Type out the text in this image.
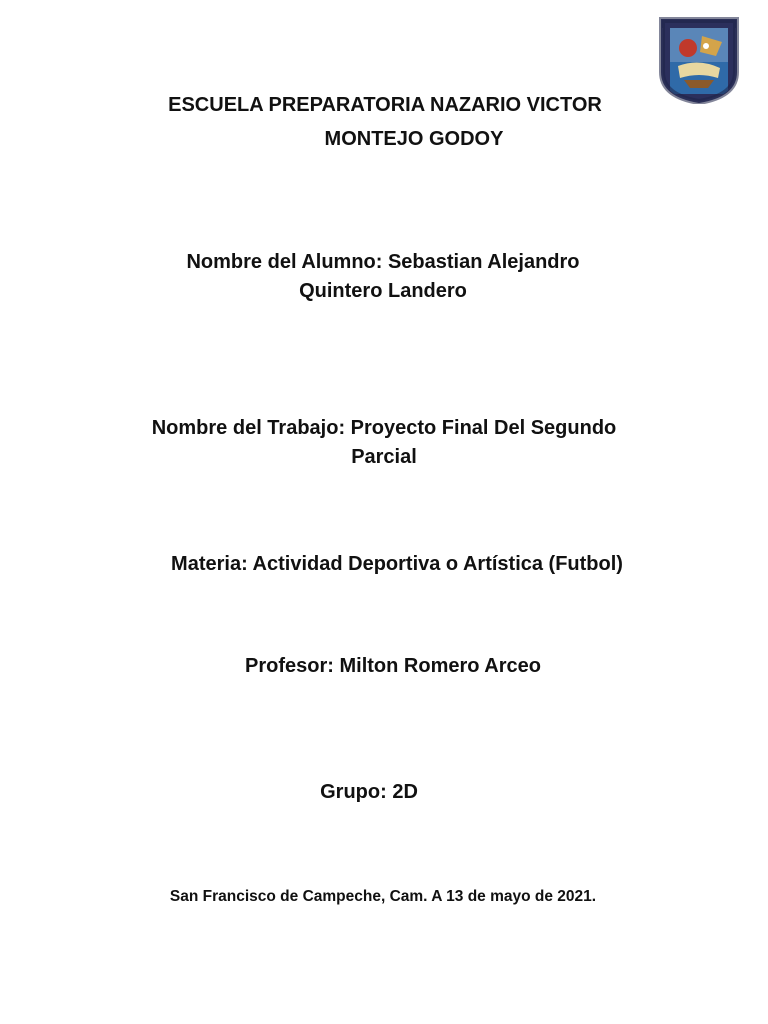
ESCUELA PREPARATORIA NAZARIO VICTOR
MONTEJO GODOY
Nombre del Alumno: Sebastian Alejandro
Quintero Landero
Nombre del Trabajo: Proyecto Final Del Segundo
Parcial
Materia: Actividad Deportiva o Artística (Futbol)
Profesor: Milton Romero Arceo
Grupo: 2D
San Francisco de Campeche, Cam. A 13 de mayo de 2021.
